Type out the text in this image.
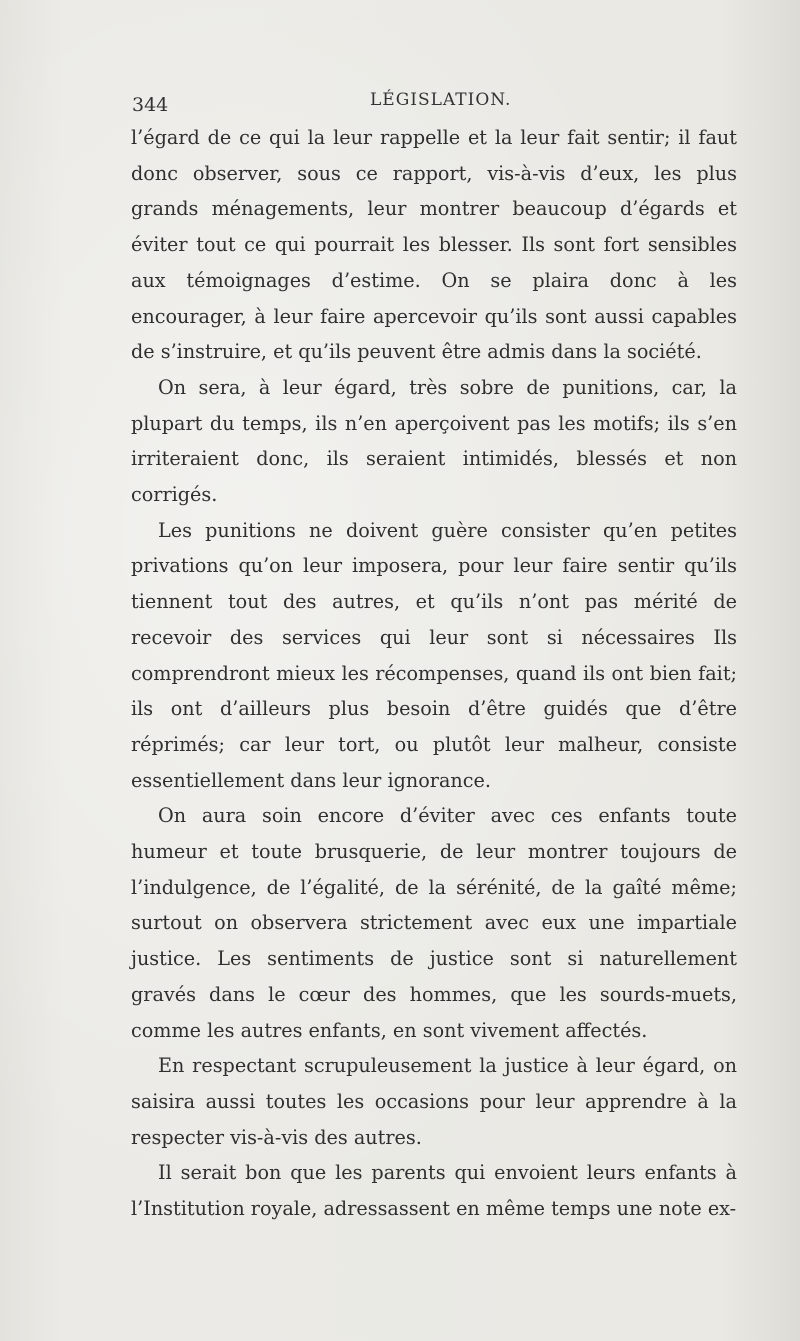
344	LÉGISLATION.

l’égard de ce qui la leur rappelle et la leur fait sentir; il faut donc observer, sous ce rapport, vis-à-vis d’eux, les plus grands ménagements, leur montrer beaucoup d’égards et éviter tout ce qui pourrait les blesser. Ils sont fort sensibles aux témoignages d’estime. On se plaira donc à les encourager, à leur faire apercevoir qu’ils sont aussi capables de s’instruire, et qu’ils peuvent être admis dans la société.

On sera, à leur égard, très sobre de punitions, car, la plupart du temps, ils n’en aperçoivent pas les motifs; ils s’en irriteraient donc, ils seraient intimidés, blessés et non corrigés.

Les punitions ne doivent guère consister qu’en petites privations qu’on leur imposera, pour leur faire sentir qu’ils tiennent tout des autres, et qu’ils n’ont pas mérité de recevoir des services qui leur sont si nécessaires Ils comprendront mieux les récompenses, quand ils ont bien fait; ils ont d’ailleurs plus besoin d’être guidés que d’être réprimés; car leur tort, ou plutôt leur malheur, consiste essentiellement dans leur ignorance.

On aura soin encore d’éviter avec ces enfants toute humeur et toute brusquerie, de leur montrer toujours de l’indulgence, de l’égalité, de la sérénité, de la gaîté même; surtout on observera strictement avec eux une impartiale justice. Les sentiments de justice sont si naturellement gravés dans le cœur des hommes, que les sourds-muets, comme les autres enfants, en sont vivement affectés.

En respectant scrupuleusement la justice à leur égard, on saisira aussi toutes les occasions pour leur apprendre à la respecter vis-à-vis des autres.

Il serait bon que les parents qui envoient leurs enfants à l’Institution royale, adressassent en même temps une note ex-
